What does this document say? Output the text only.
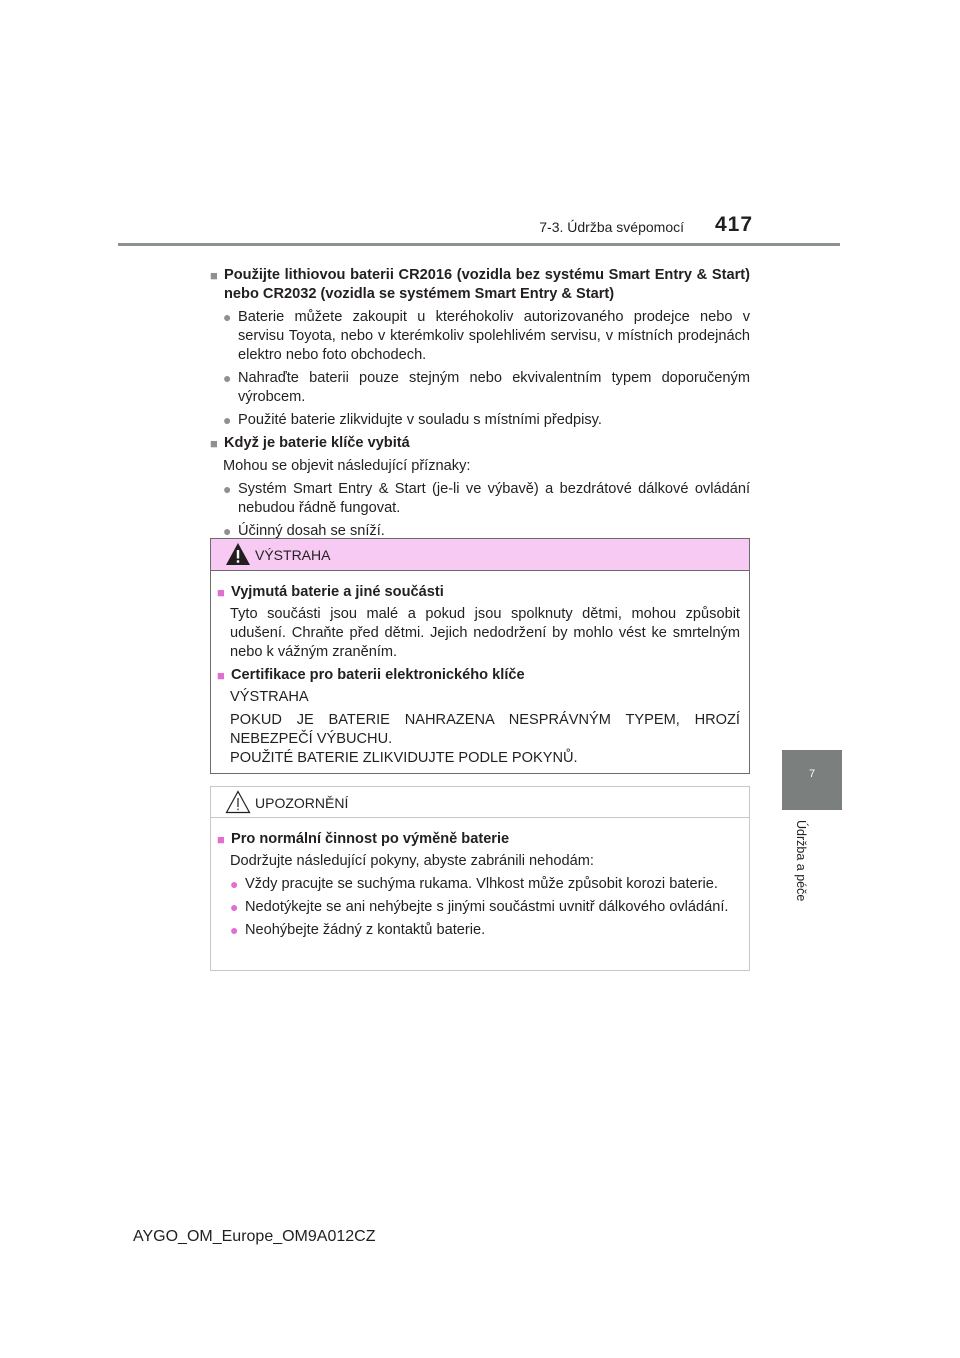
7-3. Údržba svépomocí 417
7
Údržba a péče
■ Použijte lithiovou baterii CR2016 (vozidla bez systému Smart Entry & Start) nebo CR2032 (vozidla se systémem Smart Entry & Start)
● Baterie můžete zakoupit u kteréhokoliv autorizovaného prodejce nebo v servisu Toyota, nebo v kterémkoliv spolehlivém servisu, v místních prodejnách elektro nebo foto obchodech.
● Nahraďte baterii pouze stejným nebo ekvivalentním typem doporučeným výrobcem.
● Použité baterie zlikvidujte v souladu s místními předpisy.
■ Když je baterie klíče vybitá
Mohou se objevit následující příznaky:
● Systém Smart Entry & Start (je-li ve výbavě) a bezdrátové dálkové ovládání nebudou řádně fungovat.
● Účinný dosah se sníží.
VÝSTRAHA
■ Vyjmutá baterie a jiné součásti
Tyto součásti jsou malé a pokud jsou spolknuty dětmi, mohou způsobit udušení. Chraňte před dětmi. Jejich nedodržení by mohlo vést ke smrtelným nebo k vážným zraněním.
■ Certifikace pro baterii elektronického klíče
VÝSTRAHA
POKUD JE BATERIE NAHRAZENA NESPRÁVNÝM TYPEM, HROZÍ NEBEZPEČÍ VÝBUCHU.
POUŽITÉ BATERIE ZLIKVIDUJTE PODLE POKYNŮ.
UPOZORNĚNÍ
■ Pro normální činnost po výměně baterie
Dodržujte následující pokyny, abyste zabránili nehodám:
● Vždy pracujte se suchýma rukama. Vlhkost může způsobit korozi baterie.
● Nedotýkejte se ani nehýbejte s jinými součástmi uvnitř dálkového ovládání.
● Neohýbejte žádný z kontaktů baterie.
AYGO_OM_Europe_OM9A012CZ
